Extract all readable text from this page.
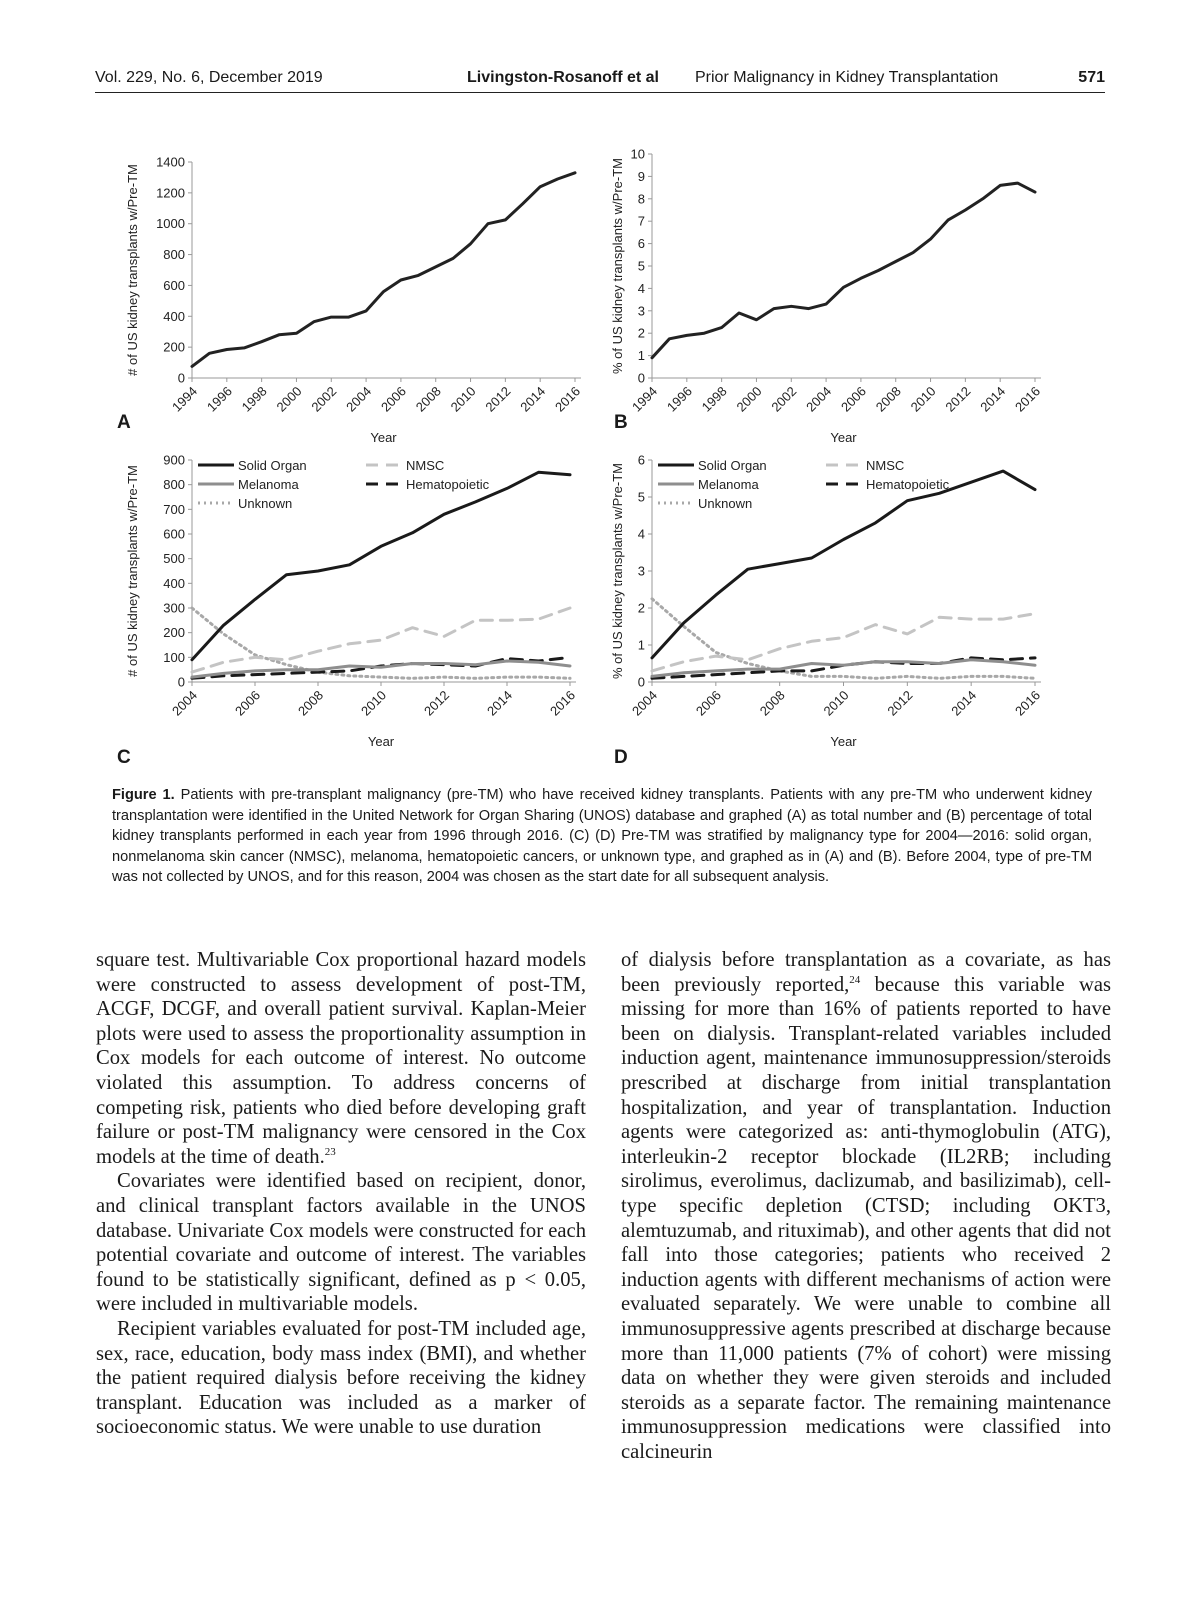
Vol. 229, No. 6, December 2019	Livingston-Rosanoff et al Prior Malignancy in Kidney Transplantation	571
0
200
400
600
800
1000
1200
1400
1994 1996 1998 2000 2002 2004 2006 2008 2010 2012 2014 2016
Year
# of US kidney transplants w/Pre-TM
0
1
2
3
4
5
6
7
8
9
10
1994 1996 1998 2000 2002 2004 2006 2008 2010 2012 2014 2016
Year
% of US kidney transplants w/Pre-TM
0
100
200
300
400
500
600
700
800
900
2004 2006 2008 2010 2012 2014 2016
Year
# of US kidney transplants w/Pre-TM	Solid Organ
Melanoma
Unknown
NMSC
Hematopoietic
0
1
2
3
4
5
6
2004	2006	2008	2010	2012	2014	2016
Year
% of US kidney transplants w/Pre-TM	Solid Organ
Melanoma
Unknown
NMSC
Hematopoietic
A	B
C	D
Figure 1. Patients with pre-transplant malignancy (pre-TM) who have received kidney transplants. Patients with any pre-TM who underwent kidney transplantation were identified in the United Network for Organ Sharing (UNOS) database and graphed (A) as total number and (B) percentage of total kidney transplants performed in each year from 1996 through 2016. (C) (D) Pre-TM was stratified by malignancy type for 2004—2016: solid organ, nonmelanoma skin cancer (NMSC), melanoma, hematopoietic cancers, or unknown type, and graphed as in (A) and (B). Before 2004, type of pre-TM was not collected by UNOS, and for this reason, 2004 was chosen as the start date for all subsequent analysis.

square test. Multivariable Cox proportional hazard models were constructed to assess development of post-TM, ACGF, DCGF, and overall patient survival. Kaplan-Meier plots were used to assess the proportionality assumption in Cox models for each outcome of interest. No outcome violated this assumption. To address concerns of competing risk, patients who died before developing graft failure or post-TM malignancy were censored in the Cox models at the time of death.$^{23}$

Covariates were identified based on recipient, donor, and clinical transplant factors available in the UNOS database. Univariate Cox models were constructed for each potential covariate and outcome of interest. The variables found to be statistically significant, defined as p < 0.05, were included in multivariable models.

Recipient variables evaluated for post-TM included age, sex, race, education, body mass index (BMI), and whether the patient required dialysis before receiving the kidney transplant. Education was included as a marker of socioeconomic status. We were unable to use duration

of dialysis before transplantation as a covariate, as has been previously reported,$^{24}$ because this variable was missing for more than 16% of patients reported to have been on dialysis. Transplant-related variables included induction agent, maintenance immunosuppression/steroids prescribed at discharge from initial transplantation hospitalization, and year of transplantation. Induction agents were categorized as: anti-thymoglobulin (ATG), interleukin-2 receptor blockade (IL2RB; including sirolimus, everolimus, daclizumab, and basilizimab), cell-type specific depletion (CTSD; including OKT3, alemtuzumab, and rituximab), and other agents that did not fall into those categories; patients who received 2 induction agents with different mechanisms of action were evaluated separately. We were unable to combine all immunosuppressive agents prescribed at discharge because more than 11,000 patients (7% of cohort) were missing data on whether they were given steroids and included steroids as a separate factor. The remaining maintenance immunosuppression medications were classified into calcineurin
